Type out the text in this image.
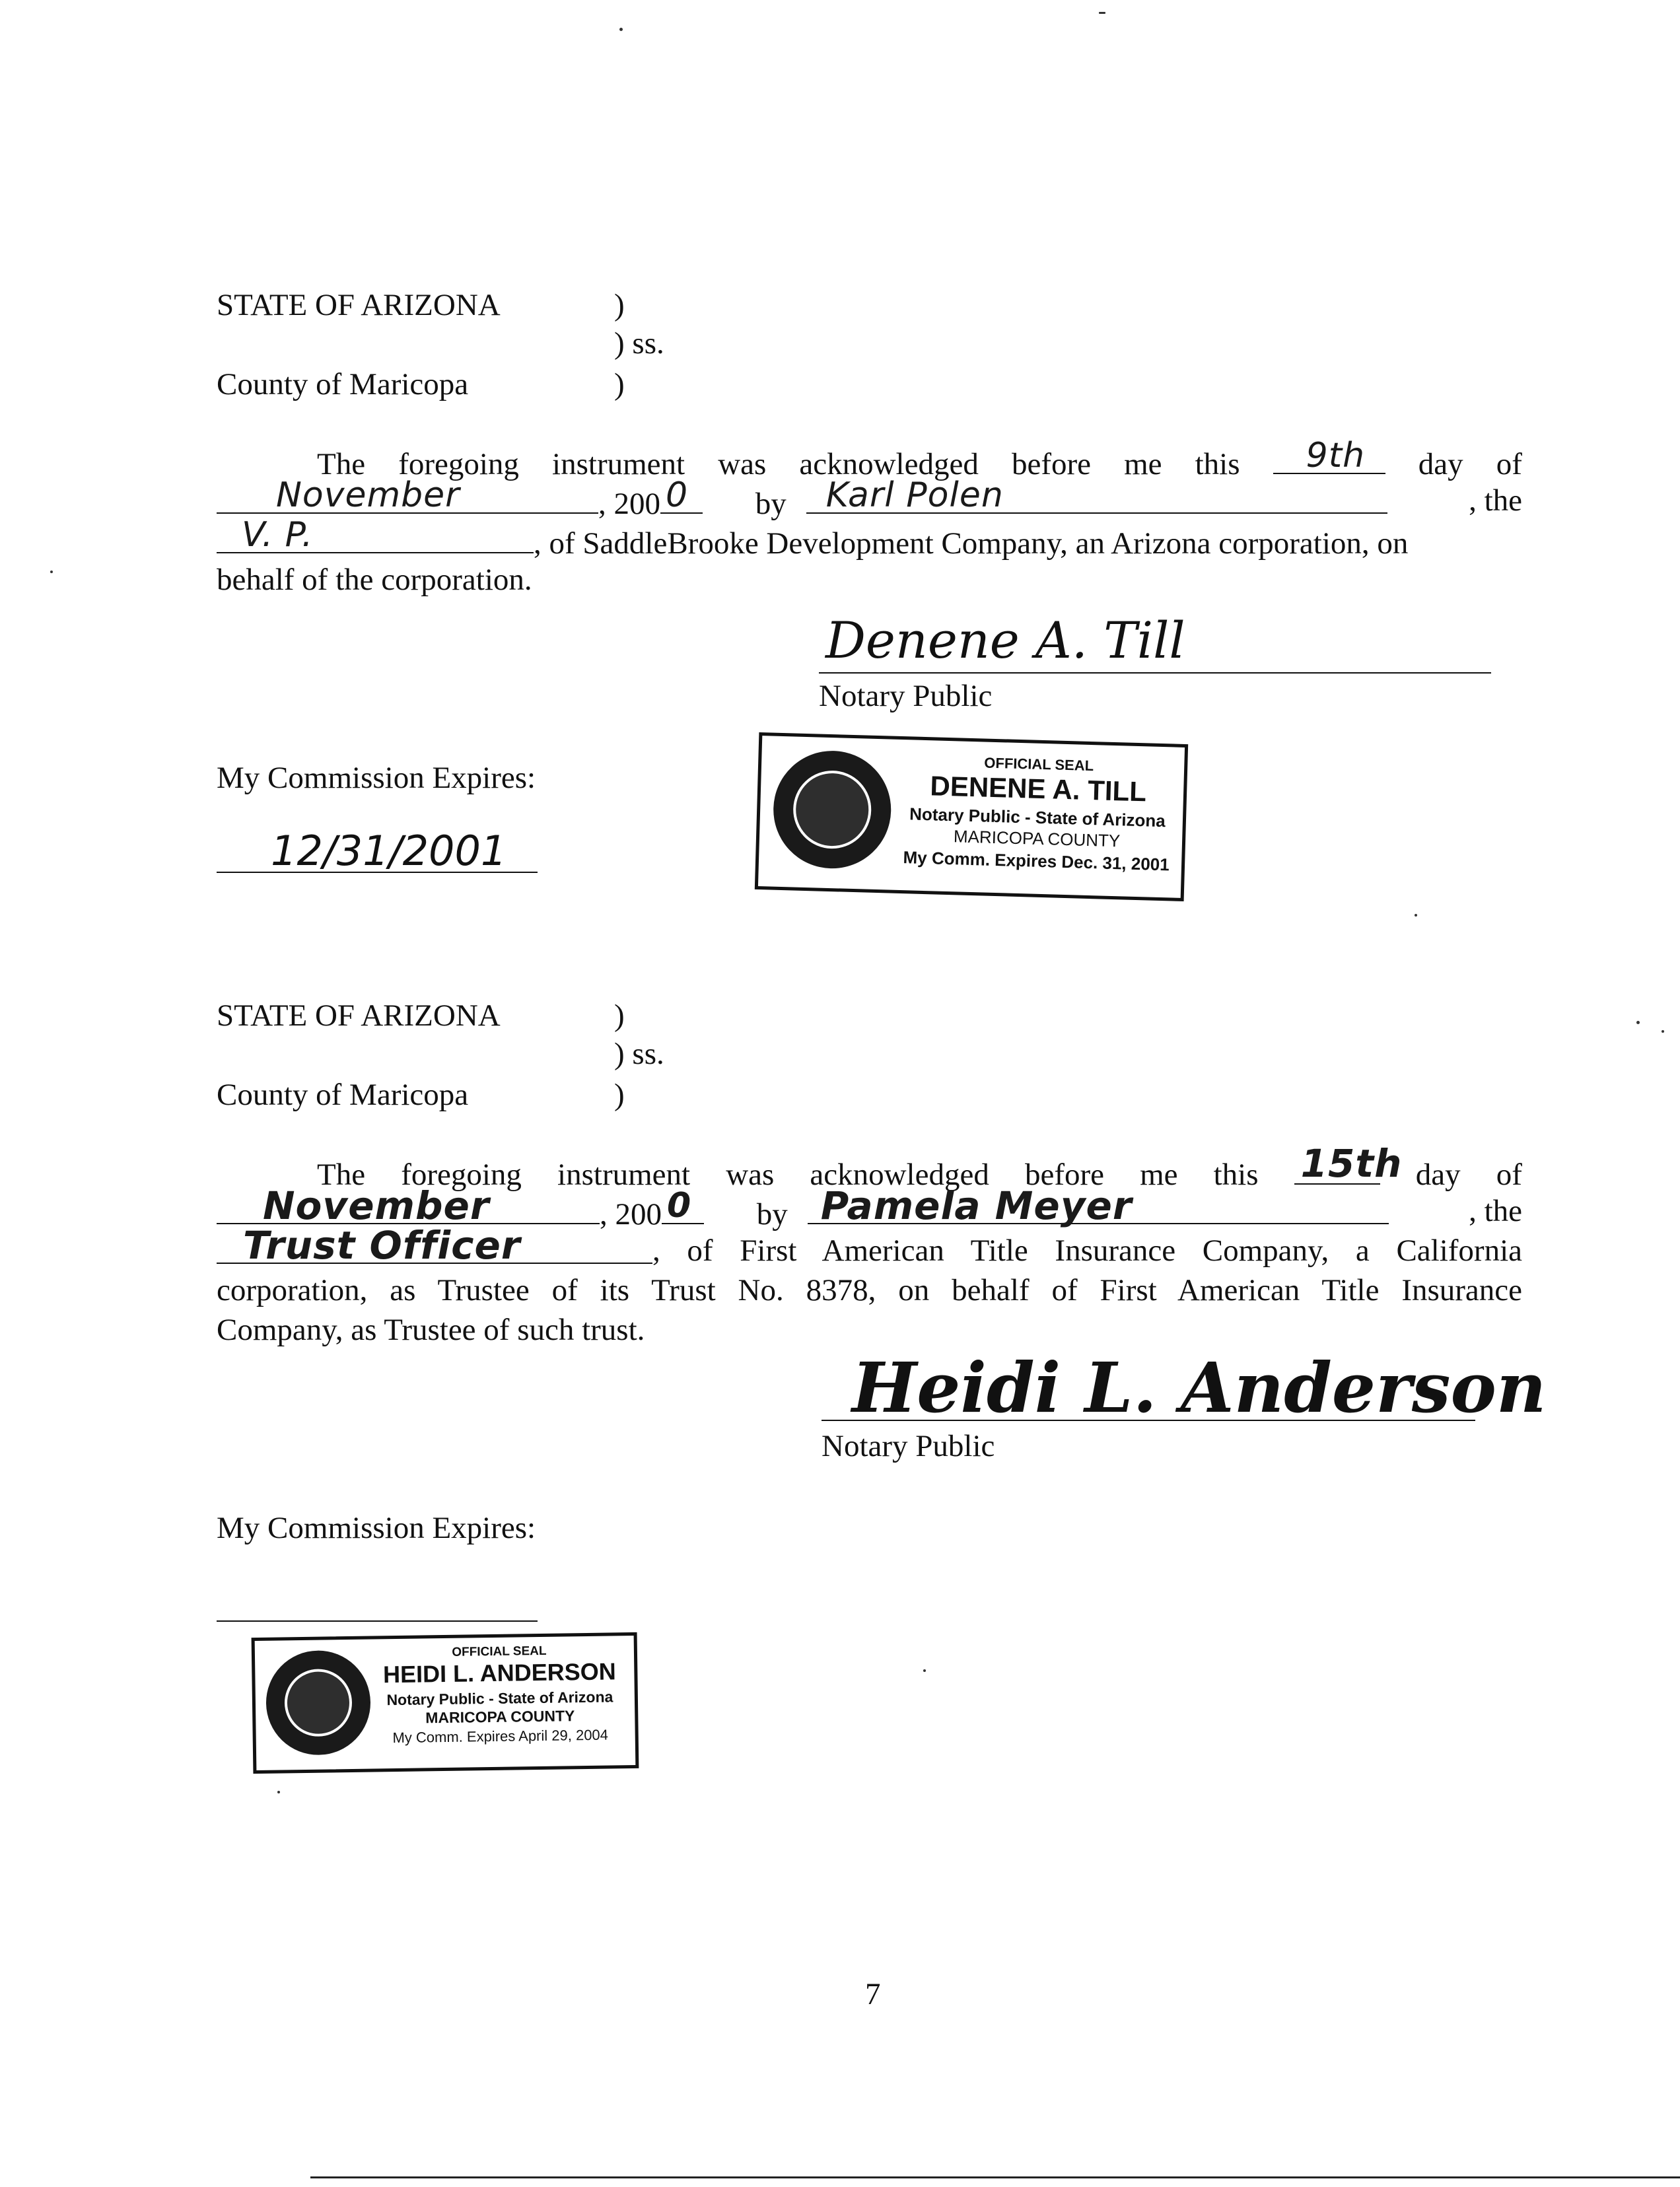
STATE OF ARIZONA	)
) ss.
County of Maricopa	)
The foregoing instrument was acknowledged before me this 9th day of
November	, 200 0 by Karl Polen	, the
V. P.	, of SaddleBrooke Development Company, an Arizona corporation, on
behalf of the corporation.
Denene A. Till
Notary Public
My Commission Expires:
12/31/2001
OFFICIAL SEAL
DENENE A. TILL
Notary Public - State of Arizona
MARICOPA COUNTY
My Comm. Expires Dec. 31, 2001
STATE OF ARIZONA	)
) ss.
County of Maricopa	)
The foregoing instrument was acknowledged before me this 15th day of
November	, 200 0 by Pamela Meyer	, the
Trust Officer	, of First American Title Insurance Company, a California
corporation, as Trustee of its Trust No. 8378, on behalf of First American Title Insurance
Company, as Trustee of such trust.
Heidi L. Anderson
Notary Public
My Commission Expires:
OFFICIAL SEAL
HEIDI L. ANDERSON
Notary Public - State of Arizona
MARICOPA COUNTY
My Comm. Expires April 29, 2004
7
